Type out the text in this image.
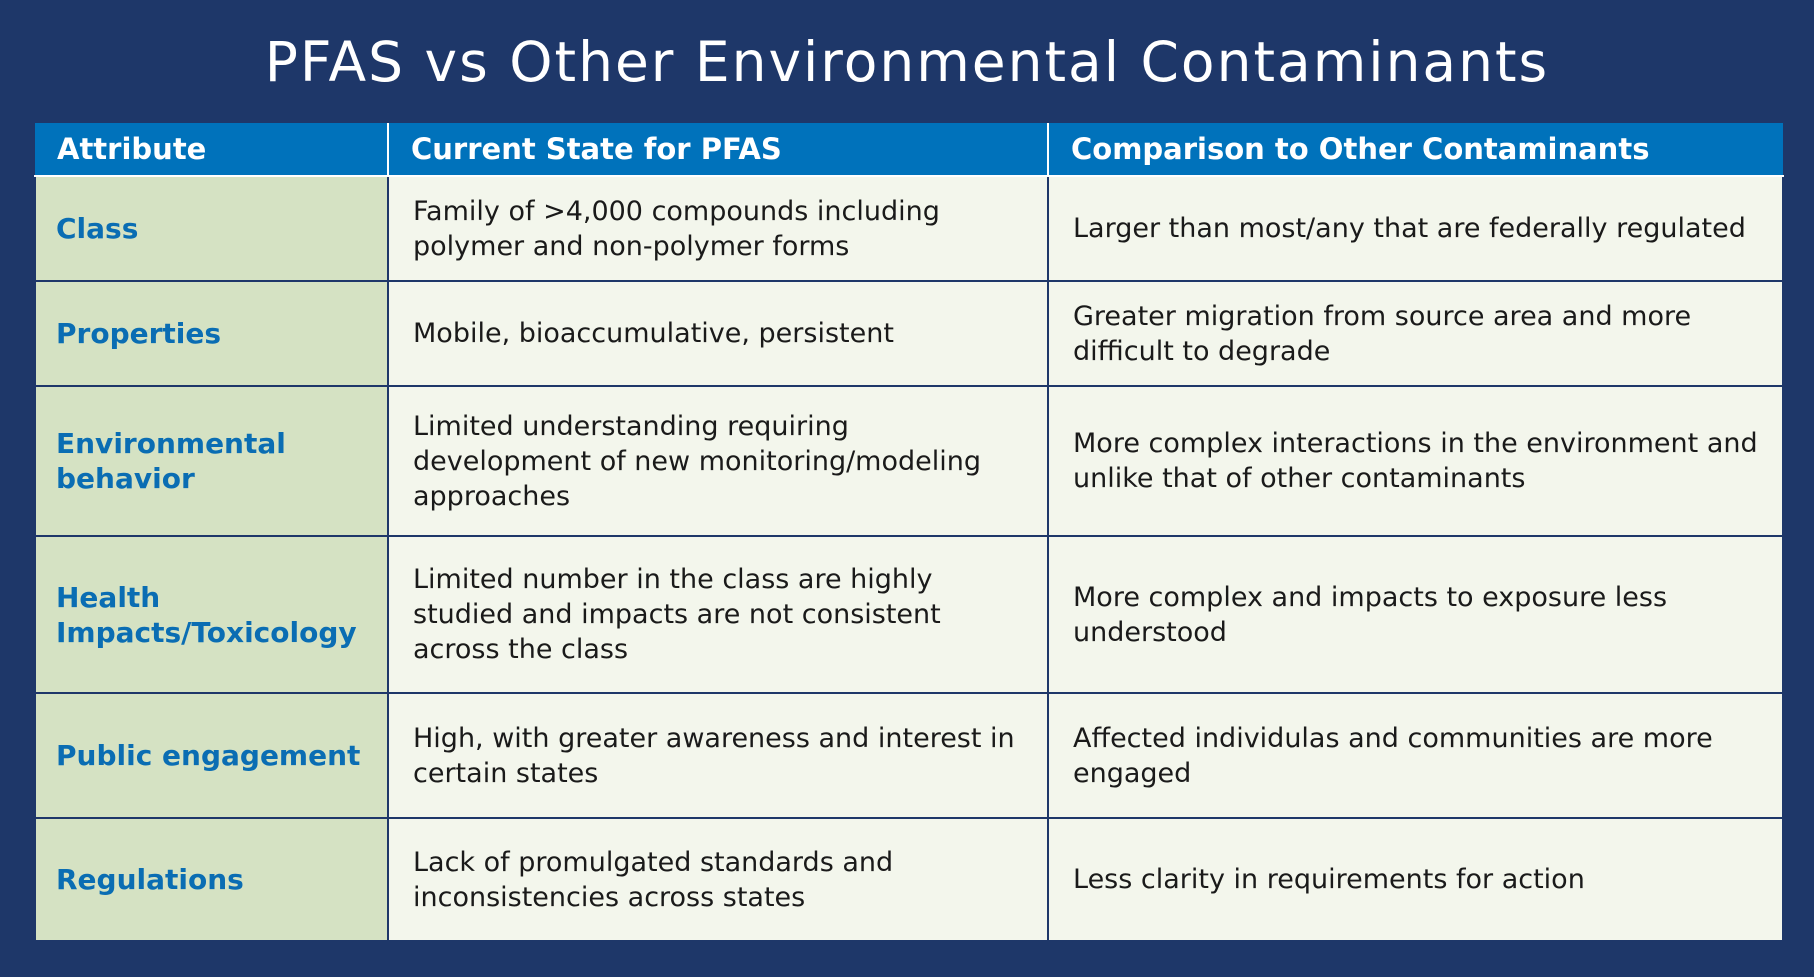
PFAS vs Other Environmental Contaminants
Attribute	Current State for PFAS	Comparison to Other Contaminants
Class	Family of >4,000 compounds including polymer and non-polymer forms	Larger than most/any that are federally regulated
Properties	Mobile, bioaccumulative, persistent	Greater migration from source area and more difficult to degrade
Environmental behavior	Limited understanding requiring development of new monitoring/modeling approaches	More complex interactions in the environment and unlike that of other contaminants
Health Impacts/Toxicology	Limited number in the class are highly studied and impacts are not consistent across the class	More complex and impacts to exposure less understood
Public engagement	High, with greater awareness and interest in certain states	Affected individulas and communities are more engaged
Regulations	Lack of promulgated standards and inconsistencies across states	Less clarity in requirements for action
